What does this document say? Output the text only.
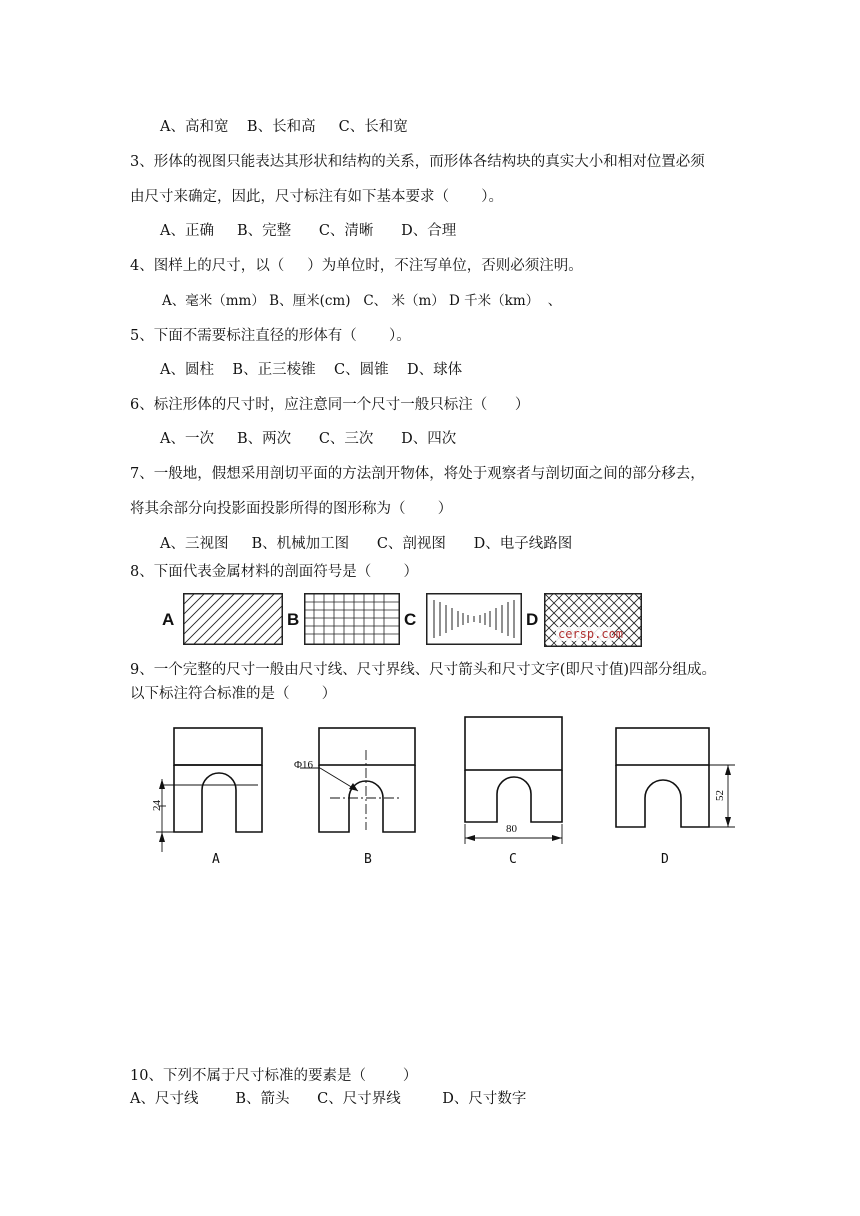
A、高和宽    B、长和高     C、长和宽
3、形体的视图只能表达其形状和结构的关系，而形体各结构块的真实大小和相对位置必须
由尺寸来确定，因此，尺寸标注有如下基本要求（       ）。
A、正确     B、完整      C、清晰      D、合理
4、图样上的尺寸，以（     ）为单位时，不注写单位，否则必须注明。
A、毫米（mm） B、厘米(cm)   C、 米（m） D 千米（km）  、
5、下面不需要标注直径的形体有（       ）。
A、圆柱    B、正三棱锥    C、圆锥    D、球体
6、标注形体的尺寸时，应注意同一个尺寸一般只标注（      ）
A、一次     B、两次      C、三次      D、四次
7、一般地，假想采用剖切平面的方法剖开物体，将处于观察者与剖切面之间的部分移去，
将其余部分向投影面投影所得的图形称为（       ）
A、三视图     B、机械加工图      C、剖视图      D、电子线路图
8、下面代表金属材料的剖面符号是（       ）
9、一个完整的尺寸一般由尺寸线、尺寸界线、尺寸箭头和尺寸文字(即尺寸值)四部分组成。
以下标注符合标准的是（       ）
10、下列不属于尺寸标准的要素是（        ）
A、尺寸线        B、箭头      C、尺寸界线         D、尺寸数字
A	B	C	D
cersp.com
24
Φ16
80
52
A	B	C	D
